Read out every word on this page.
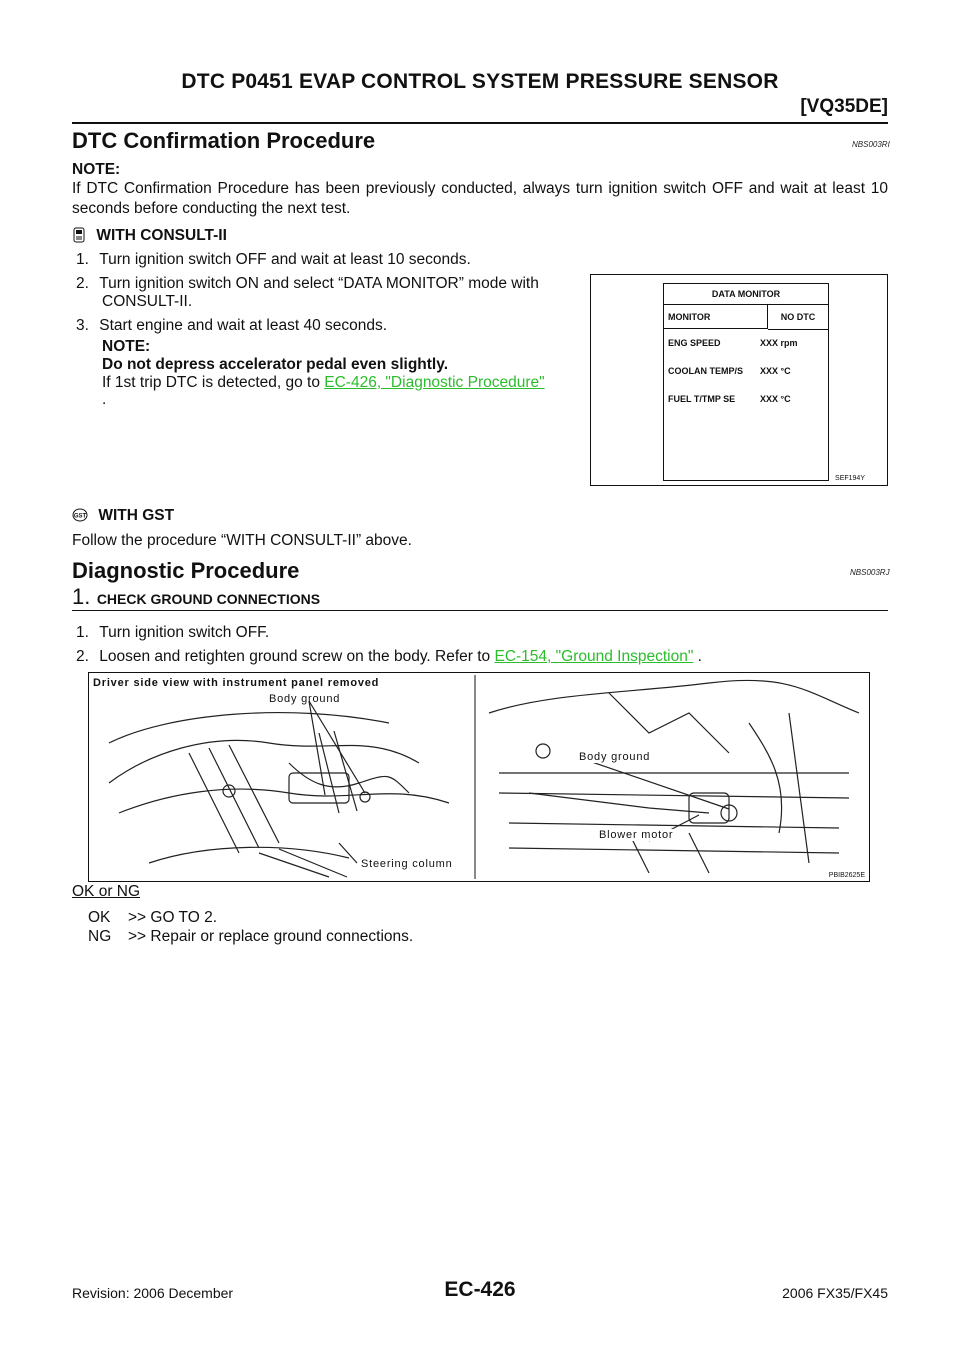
DTC P0451 EVAP CONTROL SYSTEM PRESSURE SENSOR
[VQ35DE]
DTC Confirmation Procedure	NBS003RI
NOTE:
If DTC Confirmation Procedure has been previously conducted, always turn ignition switch OFF and wait at least 10 seconds before conducting the next test.
WITH CONSULT-II
1. Turn ignition switch OFF and wait at least 10 seconds.
2. Turn ignition switch ON and select “DATA MONITOR” mode with
CONSULT-II.
3. Start engine and wait at least 40 seconds.
NOTE:
Do not depress accelerator pedal even slightly.
If 1st trip DTC is detected, go to EC-426, "Diagnostic Procedure"
.
DATA MONITOR
MONITOR	NO DTC
ENG SPEED	XXX rpm
COOLAN TEMP/S XXX °C
FUEL T/TMP SE	XXX °C
SEF194Y
GST WITH GST
Follow the procedure “WITH CONSULT-II” above.
Diagnostic Procedure	NBS003RJ
1. CHECK GROUND CONNECTIONS
1. Turn ignition switch OFF.
2. Loosen and retighten ground screw on the body. Refer to EC-154, "Ground Inspection" .
Driver side view with instrument panel removed
Body ground
Steering column
Body ground
Blower motor
PBIB2625E
OK or NG
OK >> GO TO 2.
NG >> Repair or replace ground connections.
Revision: 2006 December	EC-426	2006 FX35/FX45
